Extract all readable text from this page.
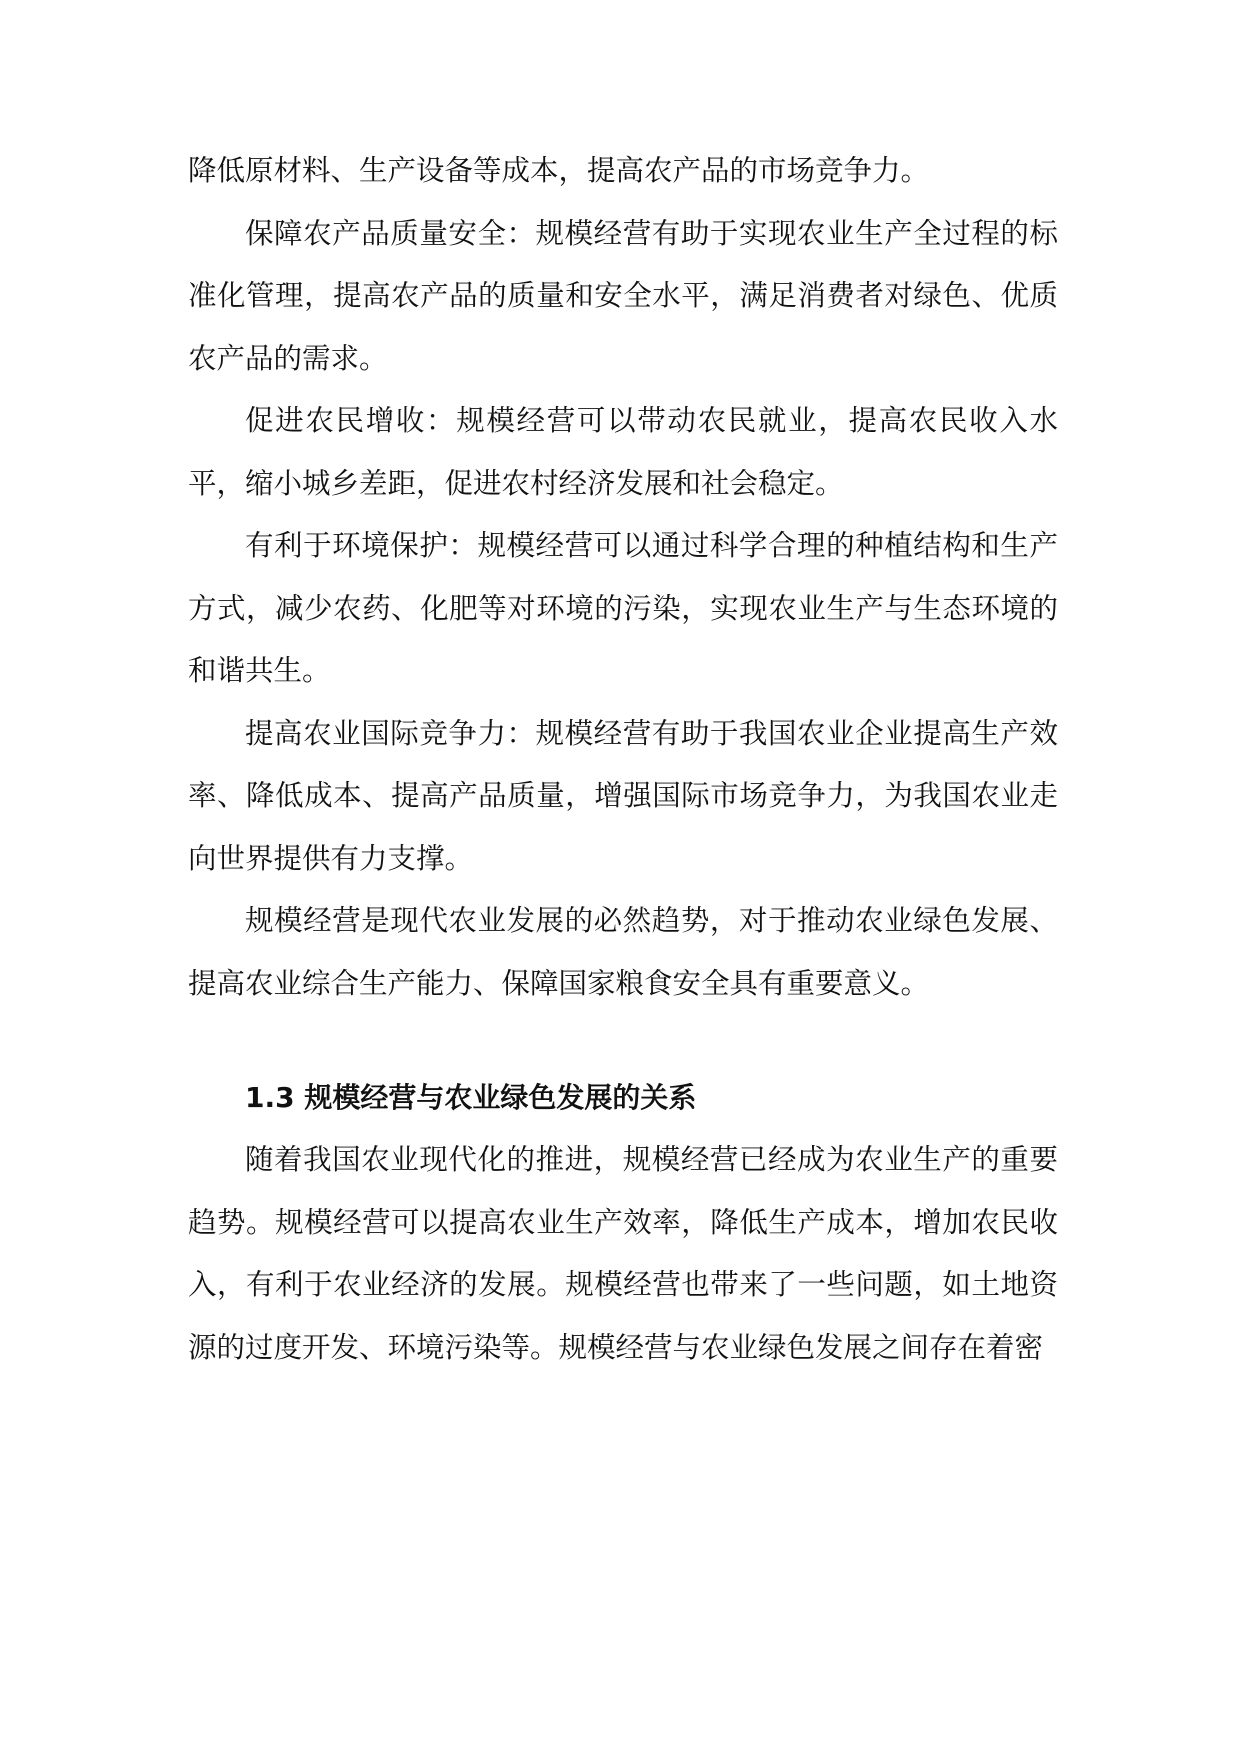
降低原材料、生产设备等成本，提高农产品的市场竞争力。

保障农产品质量安全：规模经营有助于实现农业生产全过程的标准化管理，提高农产品的质量和安全水平，满足消费者对绿色、优质农产品的需求。

促进农民增收：规模经营可以带动农民就业，提高农民收入水平，缩小城乡差距，促进农村经济发展和社会稳定。

有利于环境保护：规模经营可以通过科学合理的种植结构和生产方式，减少农药、化肥等对环境的污染，实现农业生产与生态环境的和谐共生。

提高农业国际竞争力：规模经营有助于我国农业企业提高生产效率、降低成本、提高产品质量，增强国际市场竞争力，为我国农业走向世界提供有力支撑。

规模经营是现代农业发展的必然趋势，对于推动农业绿色发展、提高农业综合生产能力、保障国家粮食安全具有重要意义。

1.3 规模经营与农业绿色发展的关系

随着我国农业现代化的推进，规模经营已经成为农业生产的重要趋势。规模经营可以提高农业生产效率，降低生产成本，增加农民收入，有利于农业经济的发展。规模经营也带来了一些问题，如土地资源的过度开发、环境污染等。规模经营与农业绿色发展之间存在着密
